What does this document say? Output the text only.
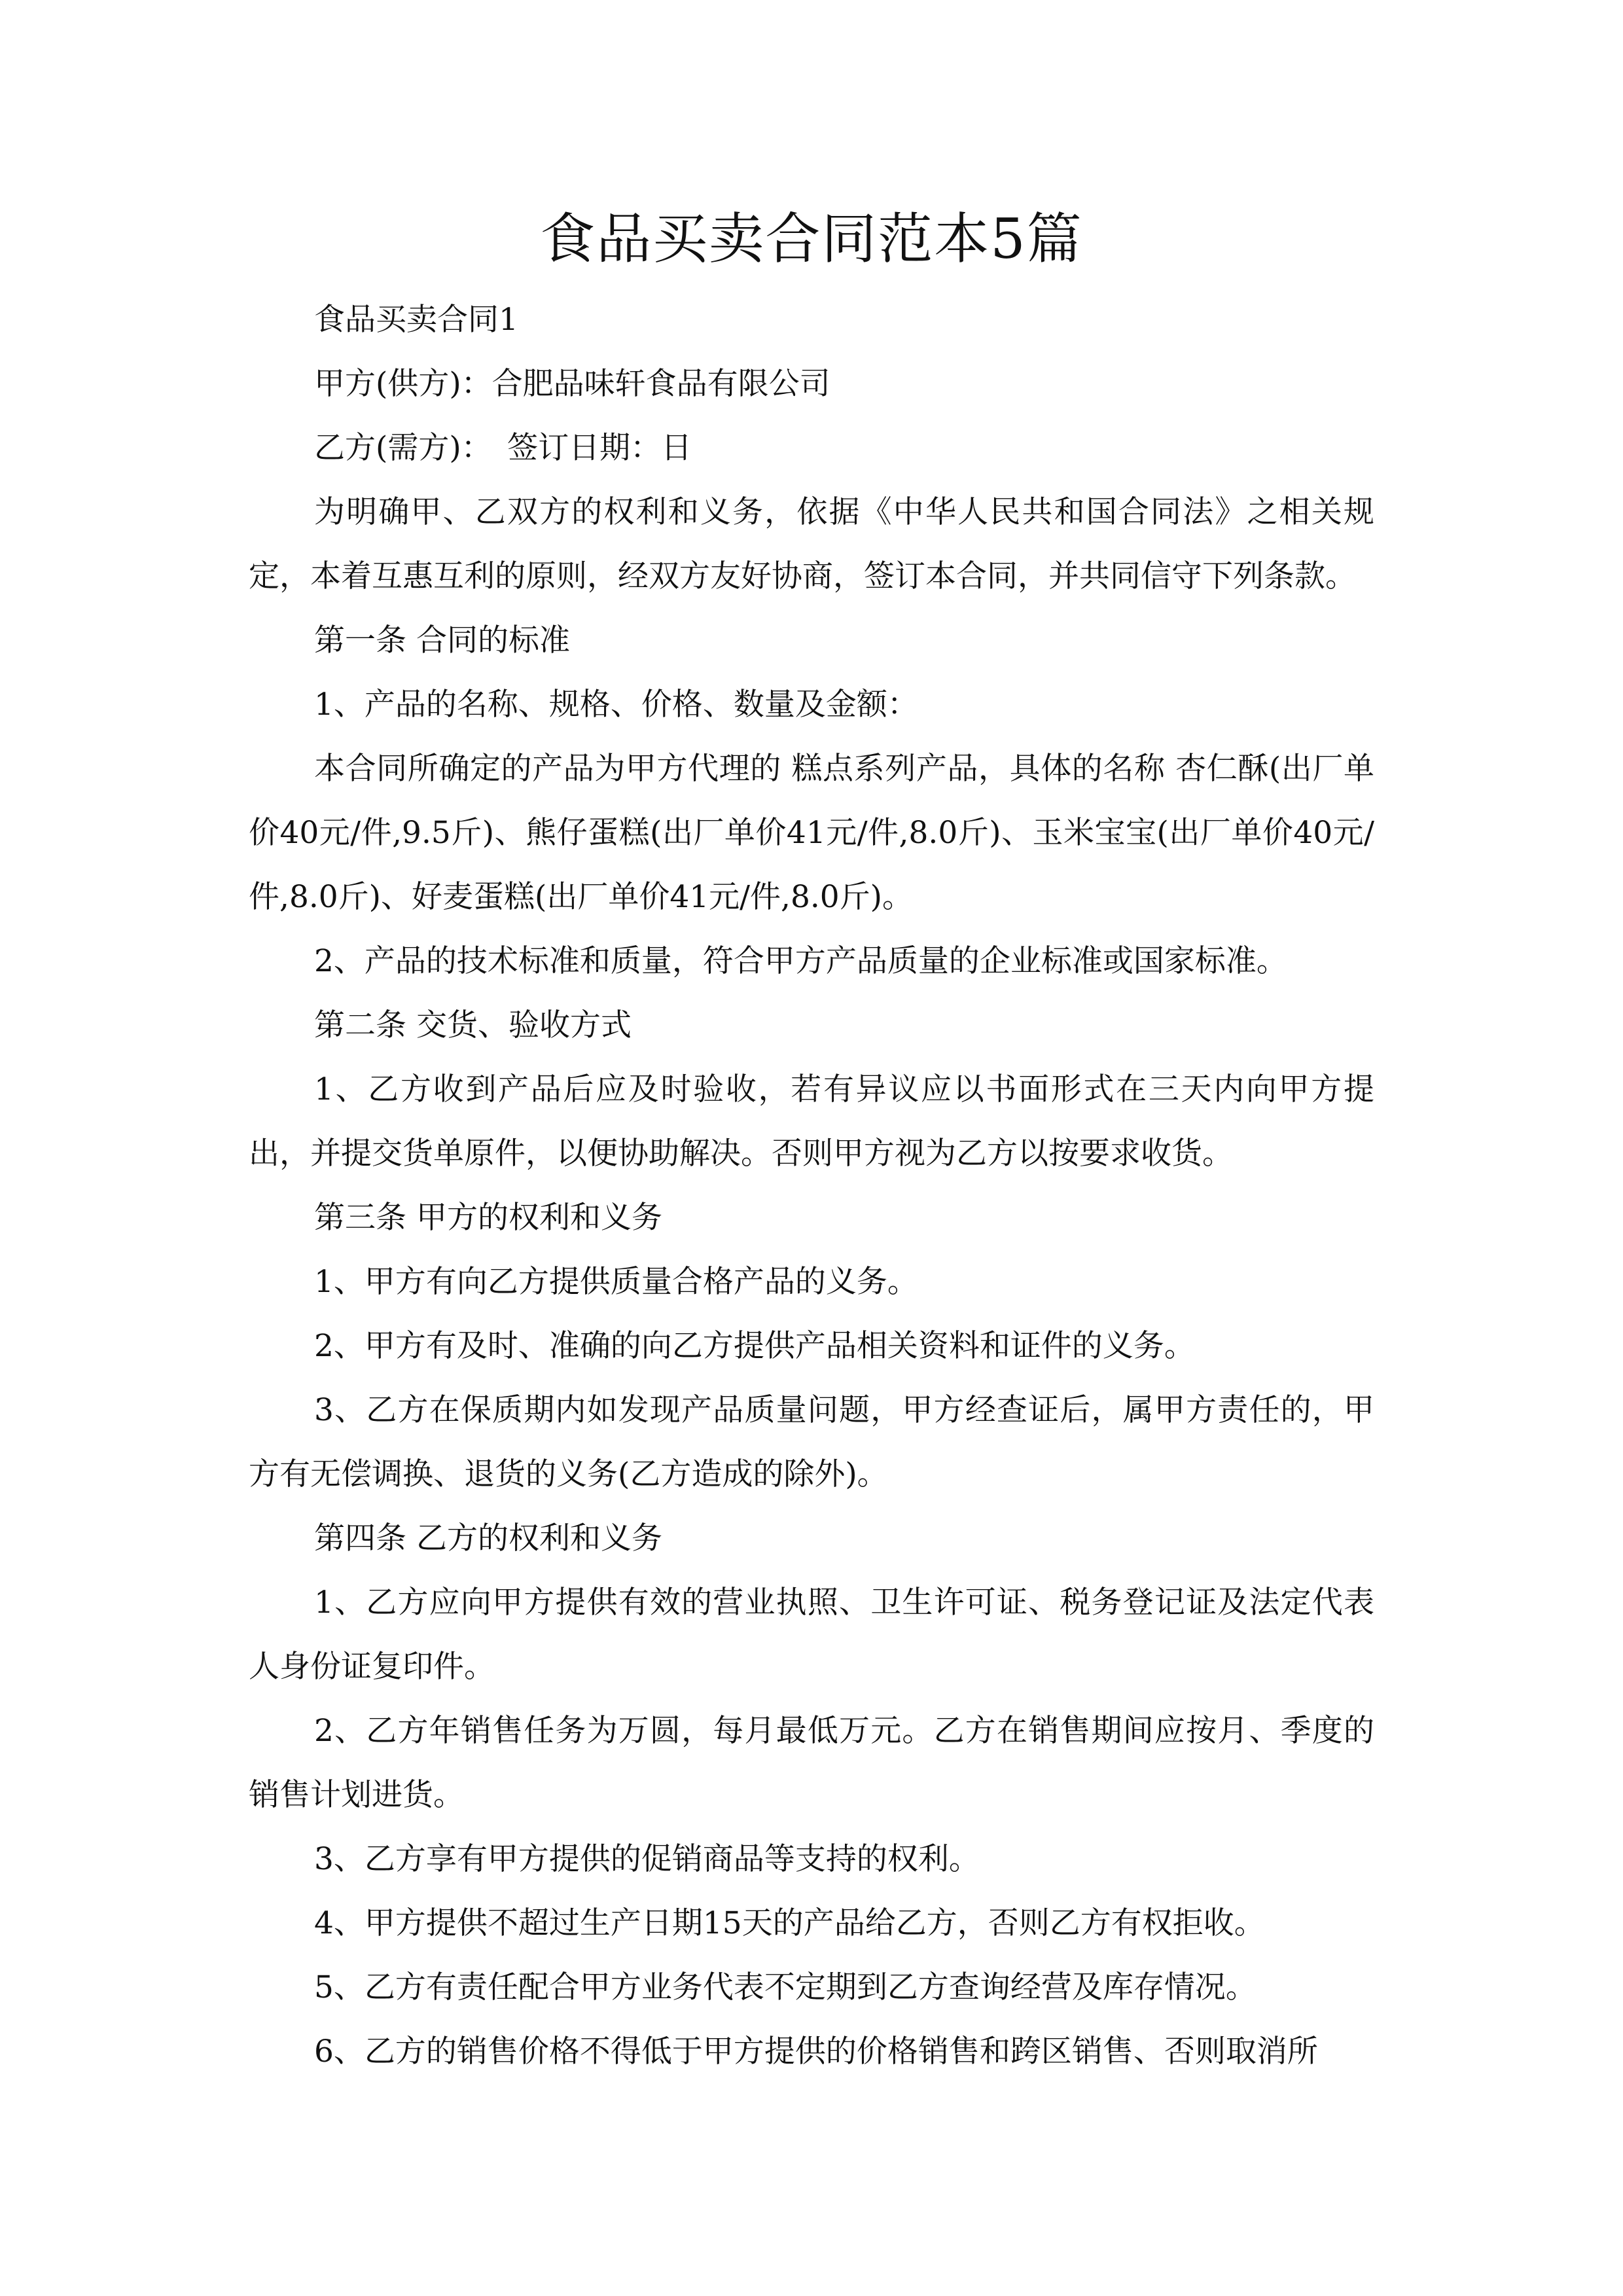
食品买卖合同范本5篇

食品买卖合同1

甲方(供方)：合肥品味轩食品有限公司

乙方(需方)：　签订日期：日

为明确甲、乙双方的权利和义务，依据《中华人民共和国合同法》之相关规定，本着互惠互利的原则，经双方友好协商，签订本合同，并共同信守下列条款。

第一条 合同的标准

1、产品的名称、规格、价格、数量及金额：

本合同所确定的产品为甲方代理的 糕点系列产品，具体的名称 杏仁酥(出厂单价40元/件,9.5斤)、熊仔蛋糕(出厂单价41元/件,8.0斤)、玉米宝宝(出厂单价40元/件,8.0斤)、好麦蛋糕(出厂单价41元/件,8.0斤)。

2、产品的技术标准和质量，符合甲方产品质量的企业标准或国家标准。

第二条 交货、验收方式

1、乙方收到产品后应及时验收，若有异议应以书面形式在三天内向甲方提出，并提交货单原件，以便协助解决。否则甲方视为乙方以按要求收货。

第三条 甲方的权利和义务

1、甲方有向乙方提供质量合格产品的义务。

2、甲方有及时、准确的向乙方提供产品相关资料和证件的义务。

3、乙方在保质期内如发现产品质量问题，甲方经查证后，属甲方责任的，甲方有无偿调换、退货的义务(乙方造成的除外)。

第四条 乙方的权利和义务

1、乙方应向甲方提供有效的营业执照、卫生许可证、税务登记证及法定代表人身份证复印件。

2、乙方年销售任务为万圆，每月最低万元。乙方在销售期间应按月、季度的销售计划进货。

3、乙方享有甲方提供的促销商品等支持的权利。

4、甲方提供不超过生产日期15天的产品给乙方，否则乙方有权拒收。

5、乙方有责任配合甲方业务代表不定期到乙方查询经营及库存情况。

6、乙方的销售价格不得低于甲方提供的价格销售和跨区销售、否则取消所
